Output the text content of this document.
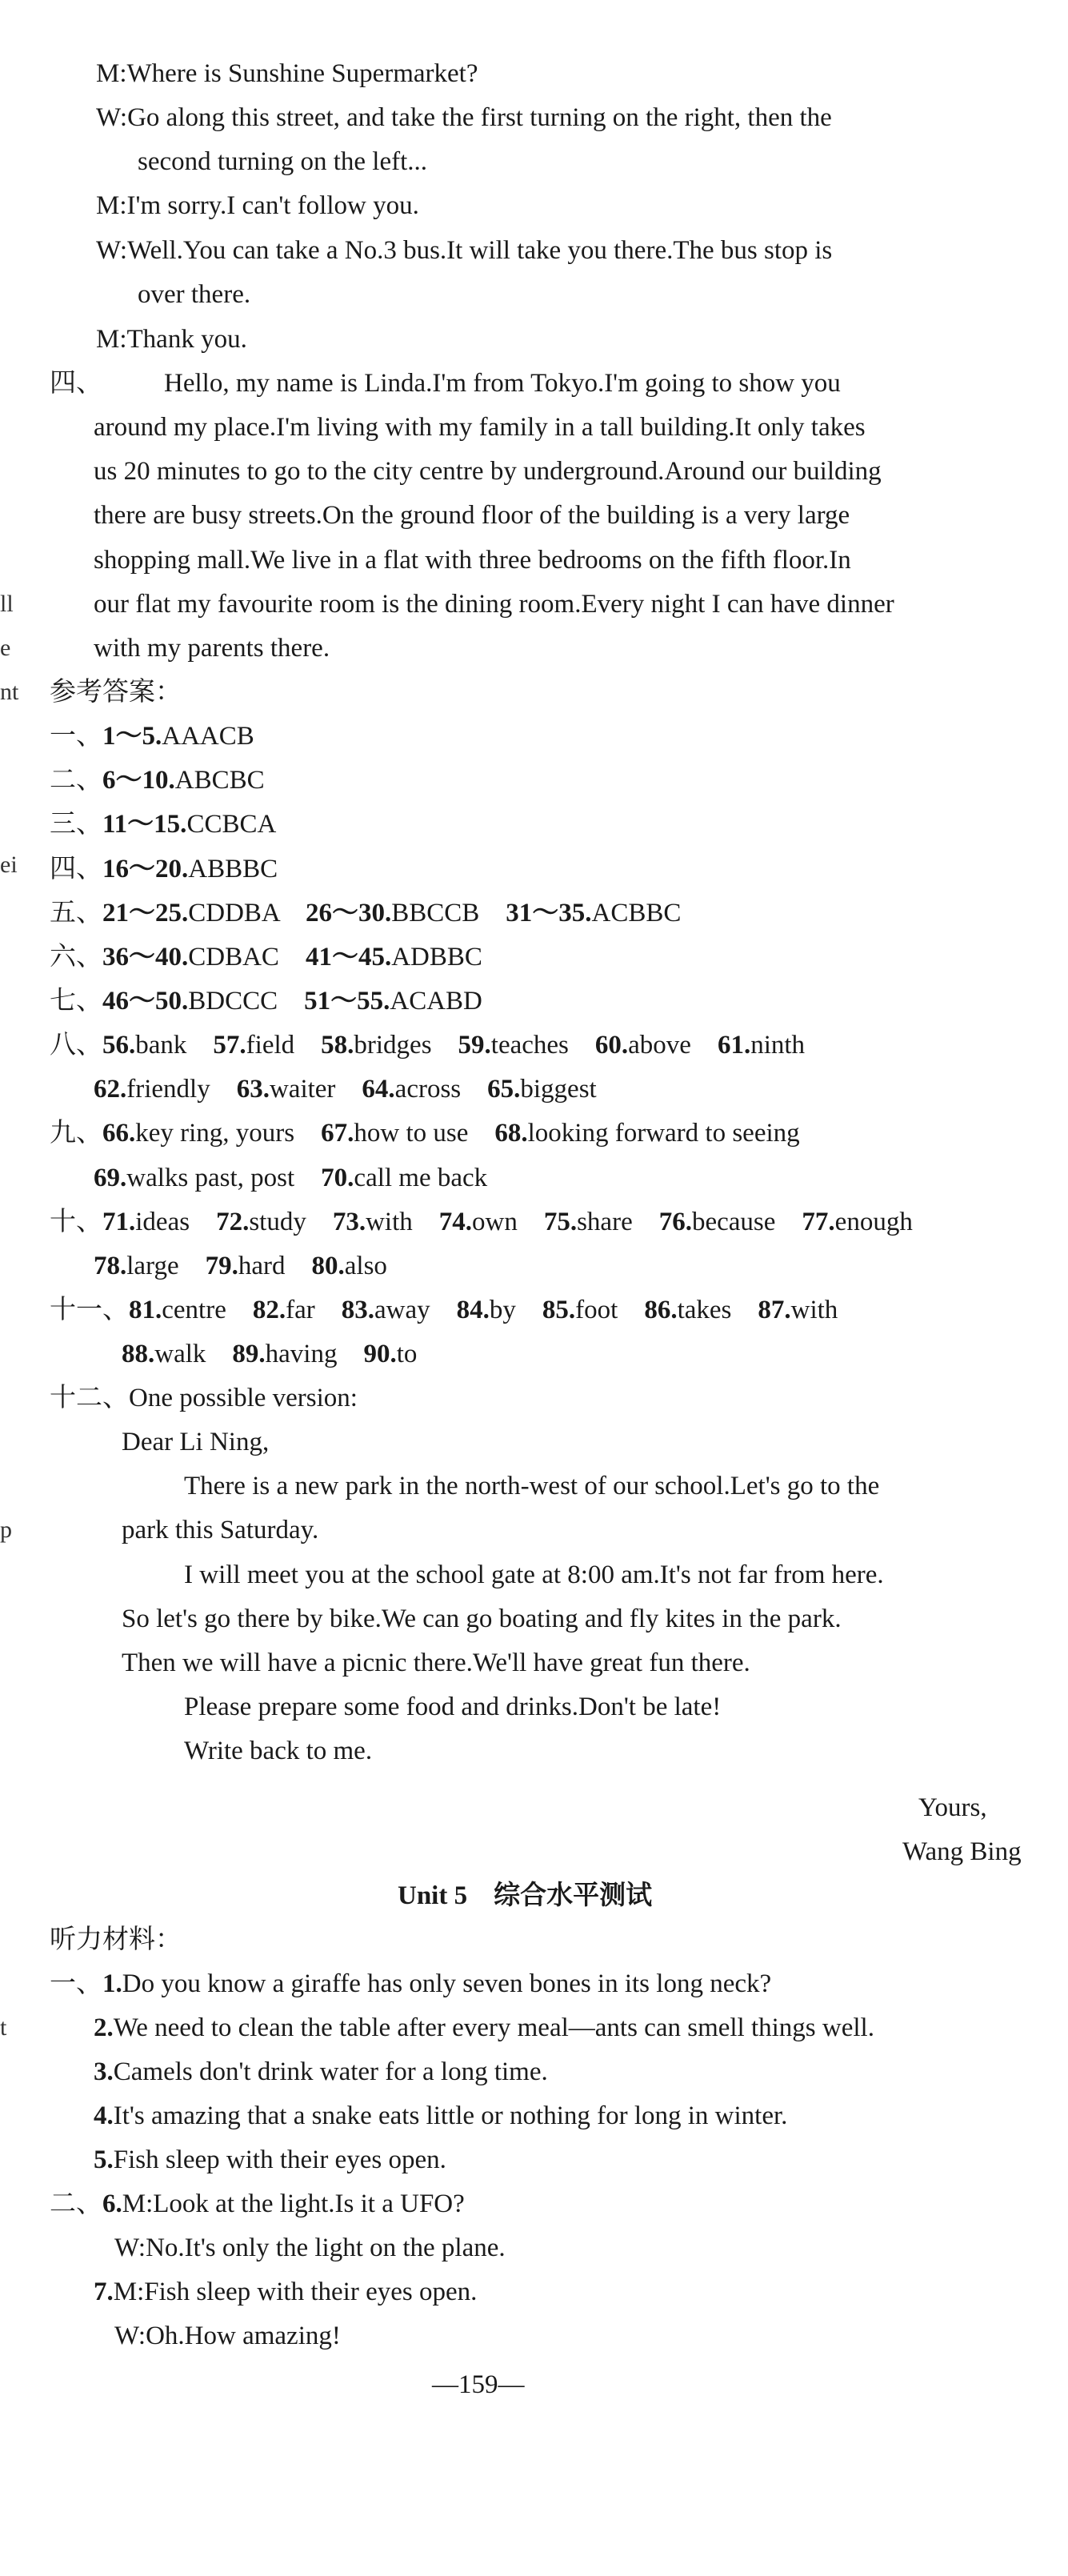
M:Where is Sunshine Supermarket?
W:Go along this street, and take the first turning on the right, then the
second turning on the left...
M:I'm sorry.I can't follow you.
W:Well.You can take a No.3 bus.It will take you there.The bus stop is
over there.
M:Thank you.
四、 Hello, my name is Linda.I'm from Tokyo.I'm going to show you
around my place.I'm living with my family in a tall building.It only takes
us 20 minutes to go to the city centre by underground.Around our building
there are busy streets.On the ground floor of the building is a very large
shopping mall.We live in a flat with three bedrooms on the fifth floor.In
our flat my favourite room is the dining room.Every night I can have dinner
with my parents there.
参考答案：
一、1～5.AAACB
二、6～10.ABCBC
三、11～15.CCBCA
四、16～20.ABBBC
五、21～25.CDDBA　 26～30.BBCCB　 31～35.ACBBC
六、36～40.CDBAC　 41～45.ADBBC
七、46～50.BDCCC　 51～55.ACABD
八、56.bank　 57.field　 58.bridges　 59.teaches　 60.above　 61.ninth
62.friendly　 63.waiter　 64.across　 65.biggest
九、66.key ring, yours　 67.how to use　 68.looking forward to seeing
69.walks past, post　 70.call me back
十、71.ideas　 72.study　 73.with　 74.own　 75.share　 76.because　 77.enough
78.large　 79.hard　 80.also
十一、81.centre　 82.far　 83.away　 84.by　 85.foot　 86.takes　 87.with
88.walk　 89.having　 90.to
十二、One possible version:
Dear Li Ning,
There is a new park in the north-west of our school.Let's go to the
park this Saturday.
I will meet you at the school gate at 8:00 am.It's not far from here.
So let's go there by bike.We can go boating and fly kites in the park.
Then we will have a picnic there.We'll have great fun there.
Please prepare some food and drinks.Don't be late!
Write back to me.
Yours,
Wang Bing
Unit 5　综合水平测试
听力材料：
一、1.Do you know a giraffe has only seven bones in its long neck?
2.We need to clean the table after every meal—ants can smell things well.
3.Camels don't drink water for a long time.
4.It's amazing that a snake eats little or nothing for long in winter.
5.Fish sleep with their eyes open.
二、6.M:Look at the light.Is it a UFO?
W:No.It's only the light on the plane.
7.M:Fish sleep with their eyes open.
W:Oh.How amazing!
—159—
ll
e
nt
ei
p
t
